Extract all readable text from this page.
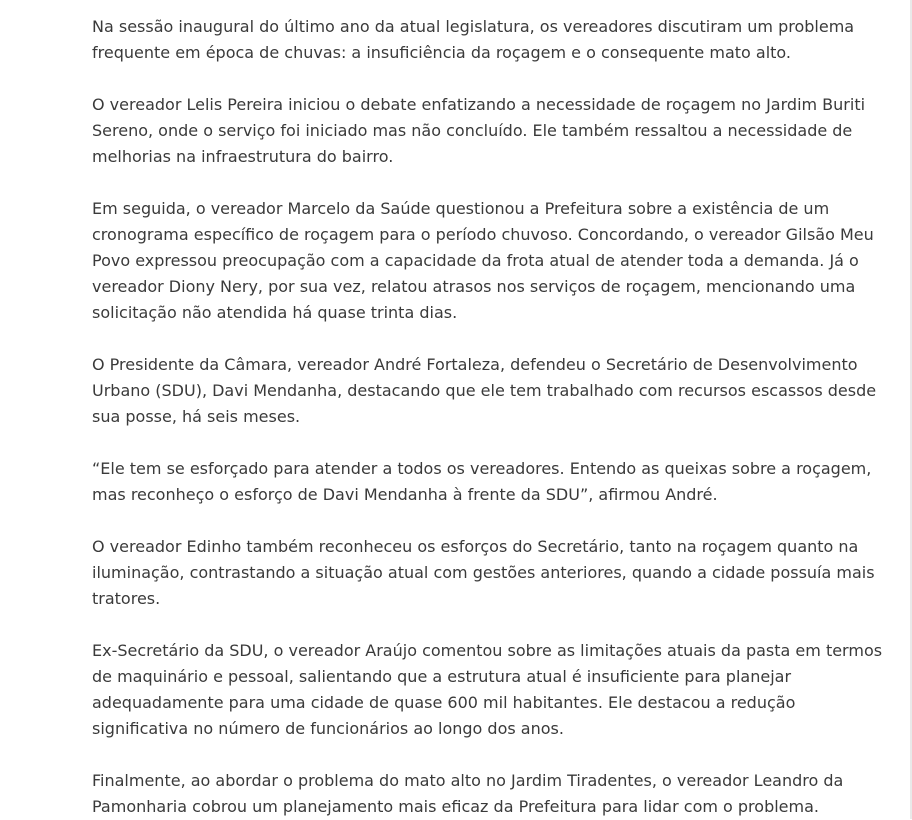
Na sessão inaugural do último ano da atual legislatura, os vereadores discutiram um problema frequente em época de chuvas: a insuficiência da roçagem e o consequente mato alto.

O vereador Lelis Pereira iniciou o debate enfatizando a necessidade de roçagem no Jardim Buriti Sereno, onde o serviço foi iniciado mas não concluído. Ele também ressaltou a necessidade de melhorias na infraestrutura do bairro.

Em seguida, o vereador Marcelo da Saúde questionou a Prefeitura sobre a existência de um cronograma específico de roçagem para o período chuvoso. Concordando, o vereador Gilsão Meu Povo expressou preocupação com a capacidade da frota atual de atender toda a demanda. Já o vereador Diony Nery, por sua vez, relatou atrasos nos serviços de roçagem, mencionando uma solicitação não atendida há quase trinta dias.

O Presidente da Câmara, vereador André Fortaleza, defendeu o Secretário de Desenvolvimento Urbano (SDU), Davi Mendanha, destacando que ele tem trabalhado com recursos escassos desde sua posse, há seis meses.

“Ele tem se esforçado para atender a todos os vereadores. Entendo as queixas sobre a roçagem, mas reconheço o esforço de Davi Mendanha à frente da SDU”, afirmou André.

O vereador Edinho também reconheceu os esforços do Secretário, tanto na roçagem quanto na iluminação, contrastando a situação atual com gestões anteriores, quando a cidade possuía mais tratores.

Ex-Secretário da SDU, o vereador Araújo comentou sobre as limitações atuais da pasta em termos de maquinário e pessoal, salientando que a estrutura atual é insuficiente para planejar adequadamente para uma cidade de quase 600 mil habitantes. Ele destacou a redução significativa no número de funcionários ao longo dos anos.

Finalmente, ao abordar o problema do mato alto no Jardim Tiradentes, o vereador Leandro da Pamonharia cobrou um planejamento mais eficaz da Prefeitura para lidar com o problema.
